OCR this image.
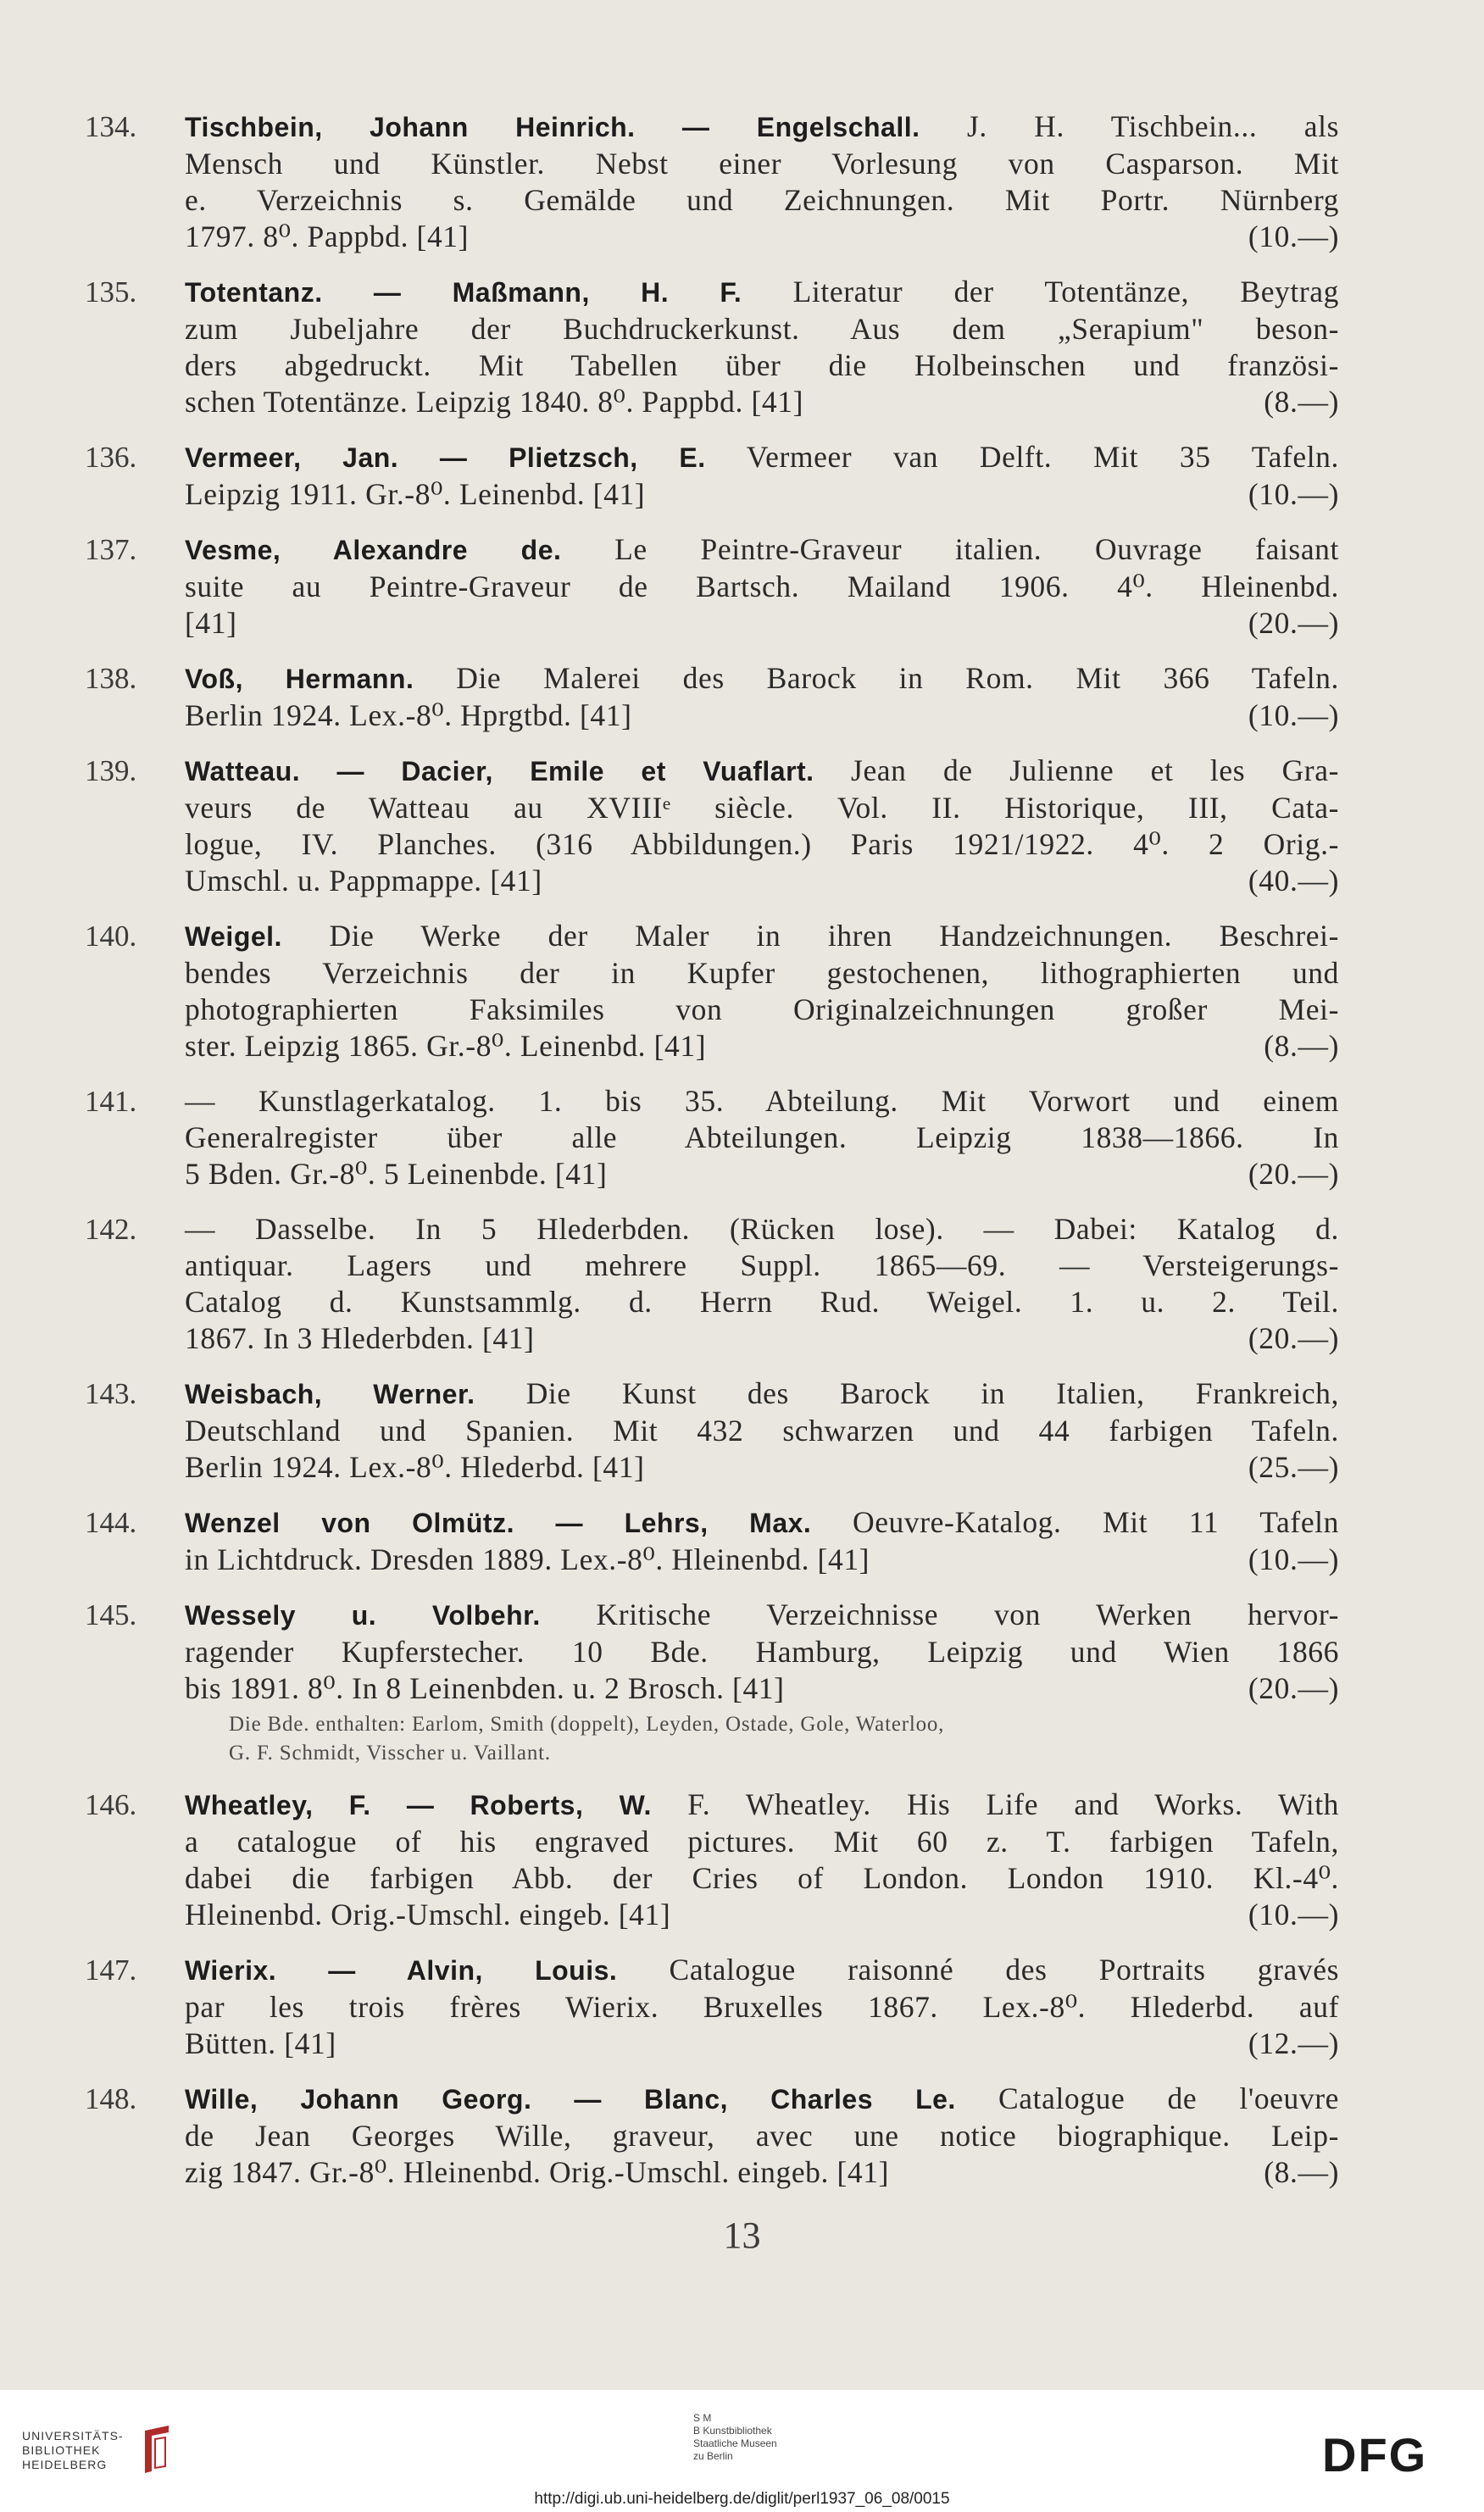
134. Tischbein, Johann Heinrich. — Engelschall. J. H. Tischbein... als
Mensch und Künstler. Nebst einer Vorlesung von Casparson. Mit
e. Verzeichnis s. Gemälde und Zeichnungen. Mit Portr. Nürnberg
1797. 8⁰. Pappbd. [41]	(10.—)
135. Totentanz. — Maßmann, H. F. Literatur der Totentänze, Beytrag
zum Jubeljahre der Buchdruckerkunst. Aus dem „Serapium" beson-
ders abgedruckt. Mit Tabellen über die Holbeinschen und französi-
schen Totentänze. Leipzig 1840. 8⁰. Pappbd. [41]	(8.—)
136. Vermeer, Jan. — Plietzsch, E. Vermeer van Delft. Mit 35 Tafeln.
Leipzig 1911. Gr.-8⁰. Leinenbd. [41]	(10.—)
137. Vesme, Alexandre de. Le Peintre-Graveur italien. Ouvrage faisant
suite au Peintre-Graveur de Bartsch. Mailand 1906. 4⁰. Hleinenbd.
[41]	(20.—)
138. Voß, Hermann. Die Malerei des Barock in Rom. Mit 366 Tafeln.
Berlin 1924. Lex.-8⁰. Hprgtbd. [41]	(10.—)
139. Watteau. — Dacier, Emile et Vuaflart. Jean de Julienne et les Gra-
veurs de Watteau au XVIIIᵉ siècle. Vol. II. Historique, III, Cata-
logue, IV. Planches. (316 Abbildungen.) Paris 1921/1922. 4⁰. 2 Orig.-
Umschl. u. Pappmappe. [41]	(40.—)
140. Weigel. Die Werke der Maler in ihren Handzeichnungen. Beschrei-
bendes Verzeichnis der in Kupfer gestochenen, lithographierten und
photographierten Faksimiles von Originalzeichnungen großer Mei-
ster. Leipzig 1865. Gr.-8⁰. Leinenbd. [41]	(8.—)
141. — Kunstlagerkatalog. 1. bis 35. Abteilung. Mit Vorwort und einem
Generalregister über alle Abteilungen. Leipzig 1838—1866. In
5 Bden. Gr.-8⁰. 5 Leinenbde. [41]	(20.—)
142. — Dasselbe. In 5 Hlederbden. (Rücken lose). — Dabei: Katalog d.
antiquar. Lagers und mehrere Suppl. 1865—69. — Versteigerungs-
Catalog d. Kunstsammlg. d. Herrn Rud. Weigel. 1. u. 2. Teil.
1867. In 3 Hlederbden. [41]	(20.—)
143. Weisbach, Werner. Die Kunst des Barock in Italien, Frankreich,
Deutschland und Spanien. Mit 432 schwarzen und 44 farbigen Tafeln.
Berlin 1924. Lex.-8⁰. Hlederbd. [41]	(25.—)
144. Wenzel von Olmütz. — Lehrs, Max. Oeuvre-Katalog. Mit 11 Tafeln
in Lichtdruck. Dresden 1889. Lex.-8⁰. Hleinenbd. [41]	(10.—)
145. Wessely u. Volbehr. Kritische Verzeichnisse von Werken hervor-
ragender Kupferstecher. 10 Bde. Hamburg, Leipzig und Wien 1866
bis 1891. 8⁰. In 8 Leinenbden. u. 2 Brosch. [41]	(20.—)
Die Bde. enthalten: Earlom, Smith (doppelt), Leyden, Ostade, Gole, Waterloo,
G. F. Schmidt, Visscher u. Vaillant.
146. Wheatley, F. — Roberts, W. F. Wheatley. His Life and Works. With
a catalogue of his engraved pictures. Mit 60 z. T. farbigen Tafeln,
dabei die farbigen Abb. der Cries of London. London 1910. Kl.-4⁰.
Hleinenbd. Orig.-Umschl. eingeb. [41]	(10.—)
147. Wierix. — Alvin, Louis. Catalogue raisonné des Portraits gravés
par les trois frères Wierix. Bruxelles 1867. Lex.-8⁰. Hlederbd. auf
Bütten. [41]	(12.—)
148. Wille, Johann Georg. — Blanc, Charles Le. Catalogue de l'oeuvre
de Jean Georges Wille, graveur, avec une notice biographique. Leip-
zig 1847. Gr.-8⁰. Hleinenbd. Orig.-Umschl. eingeb. [41]	(8.—)
13
UNIVERSITÄTS-
BIBLIOTHEK
HEIDELBERG
S M
B Kunstbibliothek
Staatliche Museen
zu Berlin	DFG
http://digi.ub.uni-heidelberg.de/diglit/perl1937_06_08/0015
